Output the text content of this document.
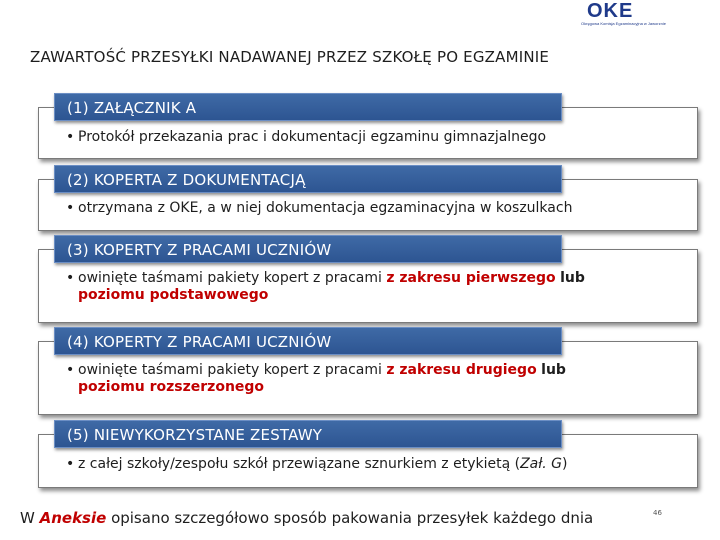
OKE
Okręgowa Komisja Egzaminacyjna w Jaworznie
ZAWARTOŚĆ PRZESYŁKI NADAWANEJ PRZEZ SZKOŁĘ PO EGZAMINIE
(1) ZAŁĄCZNIK A
• Protokół przekazania prac i dokumentacji egzaminu gimnazjalnego
(2) KOPERTA Z DOKUMENTACJĄ
• otrzymana z OKE, a w niej dokumentacja egzaminacyjna w koszulkach
(3) KOPERTY Z PRACAMI UCZNIÓW
• owinięte taśmami pakiety kopert z pracami z zakresu pierwszego lub
poziomu podstawowego
(4) KOPERTY Z PRACAMI UCZNIÓW
• owinięte taśmami pakiety kopert z pracami z zakresu drugiego lub
poziomu rozszerzonego
(5) NIEWYKORZYSTANE ZESTAWY
• z całej szkoły/zespołu szkół przewiązane sznurkiem z etykietą (Zał. G)
W Aneksie opisano szczegółowo sposób pakowania przesyłek każdego dnia	46
